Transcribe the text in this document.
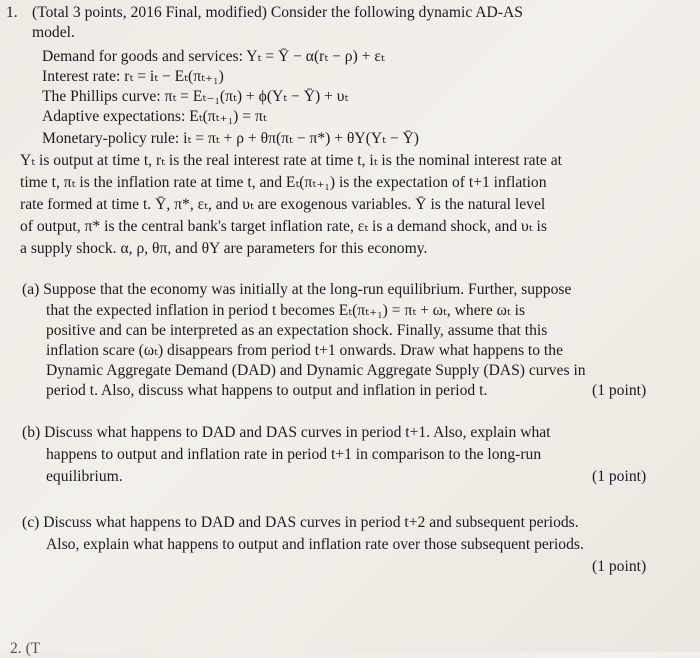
1. (Total 3 points, 2016 Final, modified) Consider the following dynamic AD-AS
model.
Demand for goods and services: Yₜ = Ȳ − α(rₜ − ρ) + εₜ
Interest rate: rₜ = iₜ − Eₜ(πₜ₊₁)
The Phillips curve: πₜ = Eₜ₋₁(πₜ) + ϕ(Yₜ − Ȳ) + υₜ
Adaptive expectations: Eₜ(πₜ₊₁) = πₜ
Monetary-policy rule: iₜ = πₜ + ρ + θπ(πₜ − π*) + θY(Yₜ − Ȳ)
Yₜ is output at time t, rₜ is the real interest rate at time t, iₜ is the nominal interest rate at
time t, πₜ is the inflation rate at time t, and Eₜ(πₜ₊₁) is the expectation of t+1 inflation
rate formed at time t. Ȳ, π*, εₜ, and υₜ are exogenous variables. Ȳ is the natural level
of output, π* is the central bank's target inflation rate, εₜ is a demand shock, and υₜ is
a supply shock. α, ρ, θπ, and θY are parameters for this economy.
(a) Suppose that the economy was initially at the long-run equilibrium. Further, suppose
that the expected inflation in period t becomes Eₜ(πₜ₊₁) = πₜ + ωₜ, where ωₜ is
positive and can be interpreted as an expectation shock. Finally, assume that this
inflation scare (ωₜ) disappears from period t+1 onwards. Draw what happens to the
Dynamic Aggregate Demand (DAD) and Dynamic Aggregate Supply (DAS) curves in
period t. Also, discuss what happens to output and inflation in period t.	(1 point)
(b) Discuss what happens to DAD and DAS curves in period t+1. Also, explain what
happens to output and inflation rate in period t+1 in comparison to the long-run
equilibrium.	(1 point)
(c) Discuss what happens to DAD and DAS curves in period t+2 and subsequent periods.
Also, explain what happens to output and inflation rate over those subsequent periods.
(1 point)
2. (T
